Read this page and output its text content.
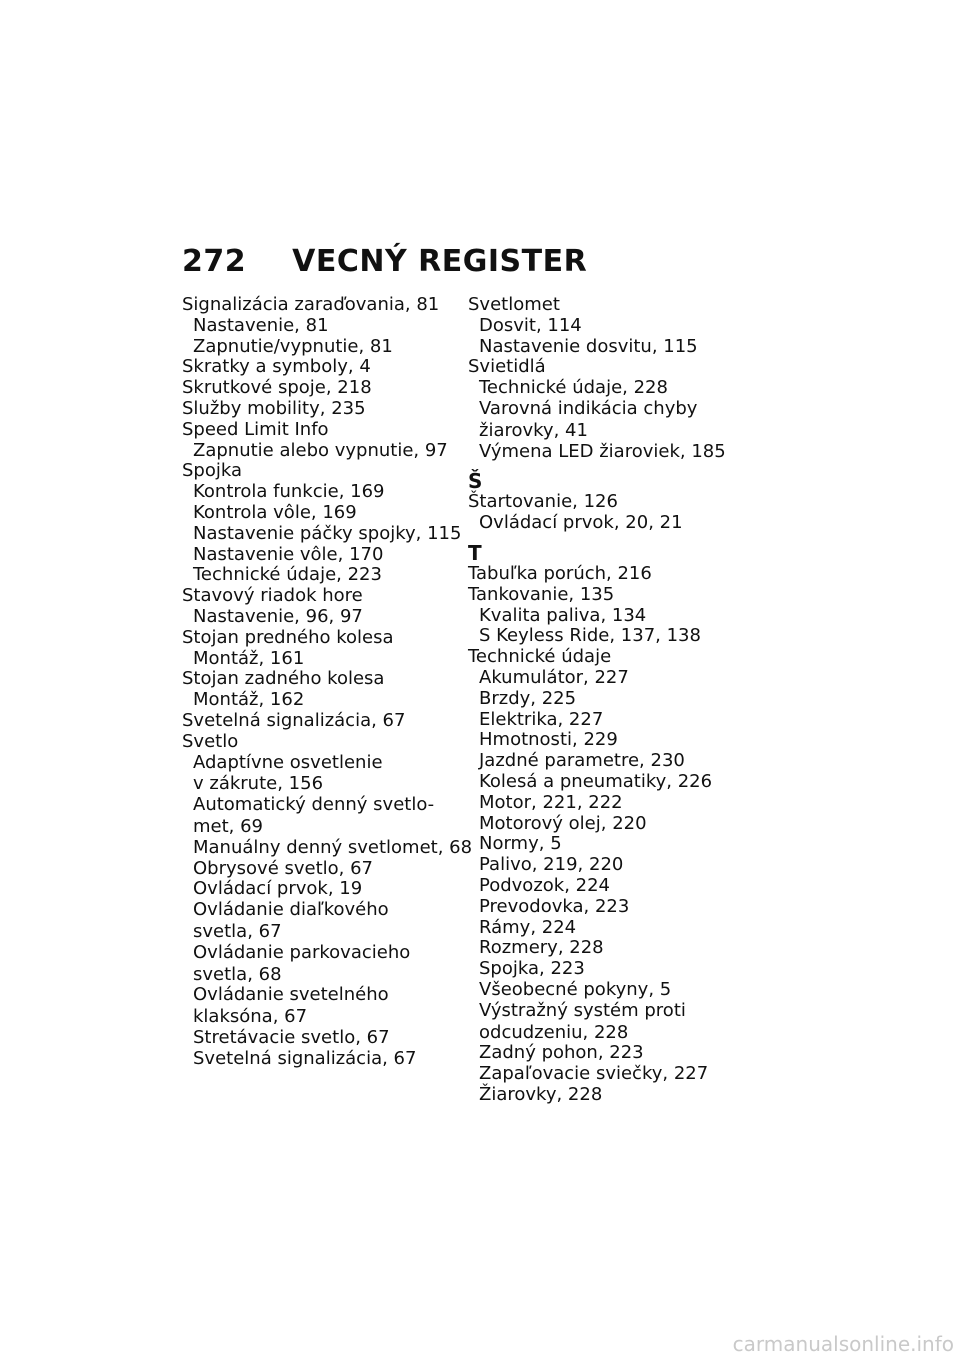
272 VECNÝ REGISTER
Signalizácia zaraďovania, 81
Nastavenie, 81
Zapnutie/vypnutie, 81
Skratky a symboly, 4
Skrutkové spoje, 218
Služby mobility, 235
Speed Limit Info
Zapnutie alebo vypnutie, 97
Spojka
Kontrola funkcie, 169
Kontrola vôle, 169
Nastavenie páčky spojky, 115
Nastavenie vôle, 170
Technické údaje, 223
Stavový riadok hore
Nastavenie, 96, 97
Stojan predného kolesa
Montáž, 161
Stojan zadného kolesa
Montáž, 162
Svetelná signalizácia, 67
Svetlo
Adaptívne osvetlenie
v zákrute, 156
Automatický denný svetlo-
met, 69
Manuálny denný svetlomet, 68
Obrysové svetlo, 67
Ovládací prvok, 19
Ovládanie diaľkového
svetla, 67
Ovládanie parkovacieho
svetla, 68
Ovládanie svetelného
klaksóna, 67
Stretávacie svetlo, 67
Svetelná signalizácia, 67
Svetlomet
Dosvit, 114
Nastavenie dosvitu, 115
Svietidlá
Technické údaje, 228
Varovná indikácia chyby
žiarovky, 41
Výmena LED žiaroviek, 185
Š
Štartovanie, 126
Ovládací prvok, 20, 21
T
Tabuľka porúch, 216
Tankovanie, 135
Kvalita paliva, 134
S Keyless Ride, 137, 138
Technické údaje
Akumulátor, 227
Brzdy, 225
Elektrika, 227
Hmotnosti, 229
Jazdné parametre, 230
Kolesá a pneumatiky, 226
Motor, 221, 222
Motorový olej, 220
Normy, 5
Palivo, 219, 220
Podvozok, 224
Prevodovka, 223
Rámy, 224
Rozmery, 228
Spojka, 223
Všeobecné pokyny, 5
Výstražný systém proti
odcudzeniu, 228
Zadný pohon, 223
Zapaľovacie sviečky, 227
Žiarovky, 228
carmanualsonline.info
